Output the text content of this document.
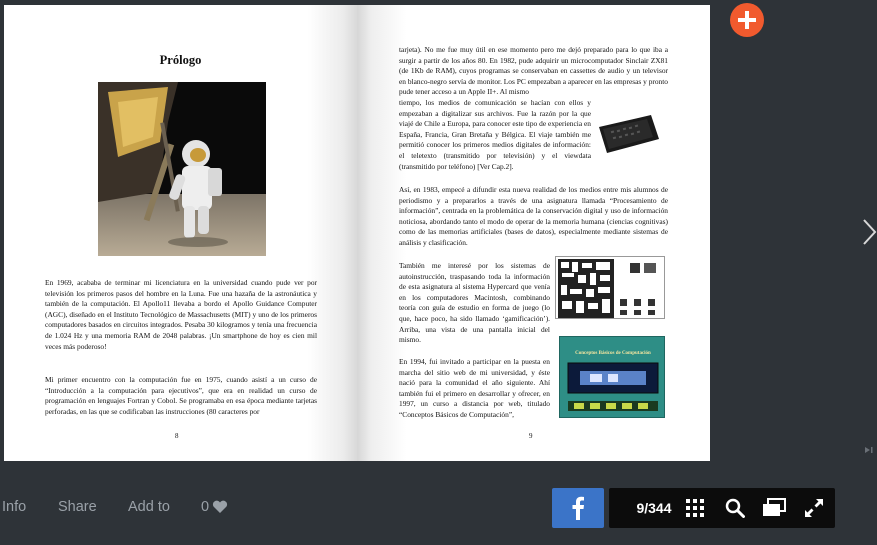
Prólogo
En 1969, acababa de terminar mi licenciatura en la universidad cuando pude ver por televisión los primeros pasos del hombre en la Luna. Fue una hazaña de la astronáutica y también de la computación. El Apollo11 llevaba a bordo el Apollo Guidance Computer (AGC), diseñado en el Instituto Tecnológico de Massachusetts (MIT) y uno de los primeros computadores basados en circuitos integrados. Pesaba 30 kilogramos y tenía una frecuencia de 1.024 Hz y una memoria RAM de 2048 palabras. ¡Un smartphone de hoy es cien mil veces más poderoso!
Mi primer encuentro con la computación fue en 1975, cuando asistí a un curso de “Introducción a la computación para ejecutivos”, que era en realidad un curso de programación en lenguajes Fortran y Cobol. Se programaba en esa época mediante tarjetas perforadas, en las que se codificaban las instrucciones (80 caracteres por
8
tarjeta). No me fue muy útil en ese momento pero me dejó preparado para lo que iba a surgir a partir de los años 80. En 1982, pude adquirir un microcomputador Sinclair ZX81 (de 1Kb de RAM), cuyos programas se conservaban en cassettes de audio y un televisor en blanco-negro servía de monitor. Los PC empezaban a aparecer en las empresas y pronto pude tener acceso a un Apple II+. Al mismo
tiempo, los medios de comunicación se hacían con ellos y empezaban a digitalizar sus archivos. Fue la razón por la que viajé de Chile a Europa, para conocer este tipo de experiencia en España, Francia, Gran Bretaña y Bélgica. El viaje también me permitió conocer los primeros medios digitales de información: el teletexto (transmitido por televisión) y el viewdata (transmitido por teléfono) [Ver Cap.2].
Así, en 1983, empecé a difundir esta nueva realidad de los medios entre mis alumnos de periodismo y a prepararlos a través de una asignatura llamada “Procesamiento de información”, centrada en la problemática de la conservación digital y uso de información noticiosa, abordando tanto el modo de operar de la memoria humana (ciencias cognitivas) como de las memorias artificiales (bases de datos), especialmente mediante sistemas de análisis y clasificación.
También me interesé por los sistemas de autoinstrucción, traspasando toda la información de esta asignatura al sistema Hypercard que venía en los computadores Macintosh, combinando teoría con guía de estudio en forma de juego (lo que, hace poco, ha sido llamado ‘gamificación’). Arriba, una vista de una pantalla inicial del mismo.
En 1994, fui invitado a participar en la puesta en marcha del sitio web de mi universidad, y éste nació para la comunidad el año siguiente. Ahí también fui el primero en desarrollar y ofrecer, en 1997, un curso a distancia por web, titulado “Conceptos Básicos de Computación”,
Conceptos Básicos de Computación
9
Info Share Add to 0	9/344
